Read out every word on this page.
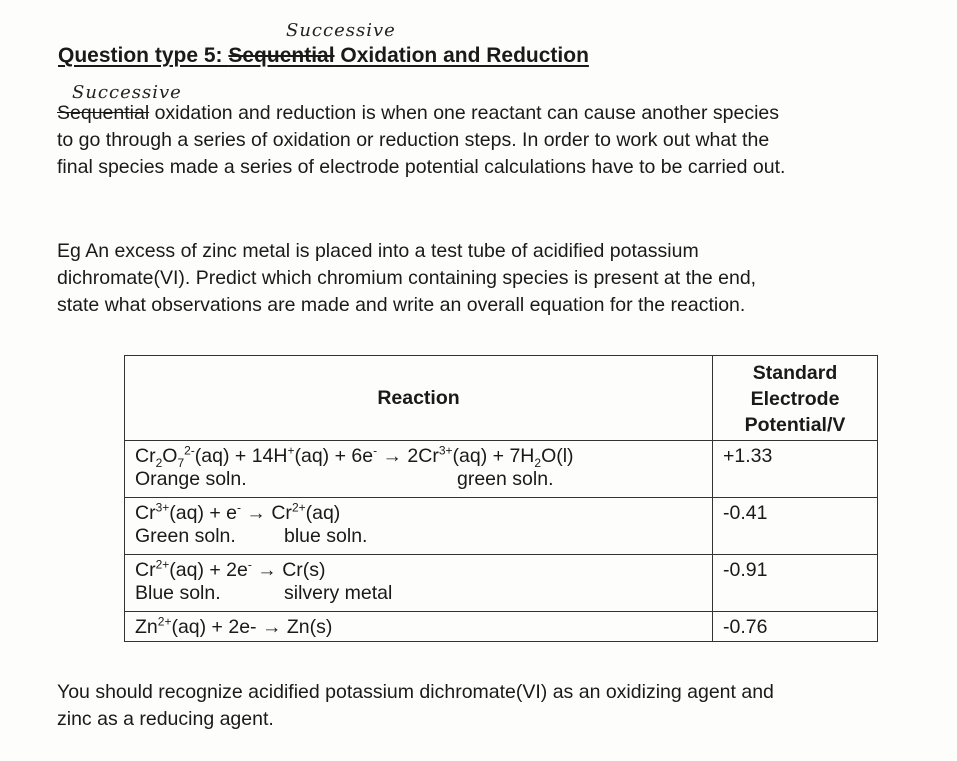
Successive
Successive
Question type 5: Sequential Oxidation and Reduction
Sequential oxidation and reduction is when one reactant can cause another species
to go through a series of oxidation or reduction steps. In order to work out what the
final species made a series of electrode potential calculations have to be carried out.
Eg An excess of zinc metal is placed into a test tube of acidified potassium
dichromate(VI). Predict which chromium containing species is present at the end,
state what observations are made and write an overall equation for the reaction.
Reaction	Standard
Electrode
Potential/V

$Cr_2O_7^{2-}(aq) + 14H^+(aq) + 6e^- \to 2Cr^{3+}(aq) + 7H_2O(l)$
Orange soln. green soln.	+1.33

$Cr^{3+}(aq) + e^- \to Cr^{2+}(aq)$
Green soln. blue soln.	-0.41

$Cr^{2+}(aq) + 2e^- \to Cr(s)$
Blue soln. silvery metal	-0.91

$Zn^{2+}(aq) + 2e- \to Zn(s)$	-0.76
You should recognize acidified potassium dichromate(VI) as an oxidizing agent and
zinc as a reducing agent.
